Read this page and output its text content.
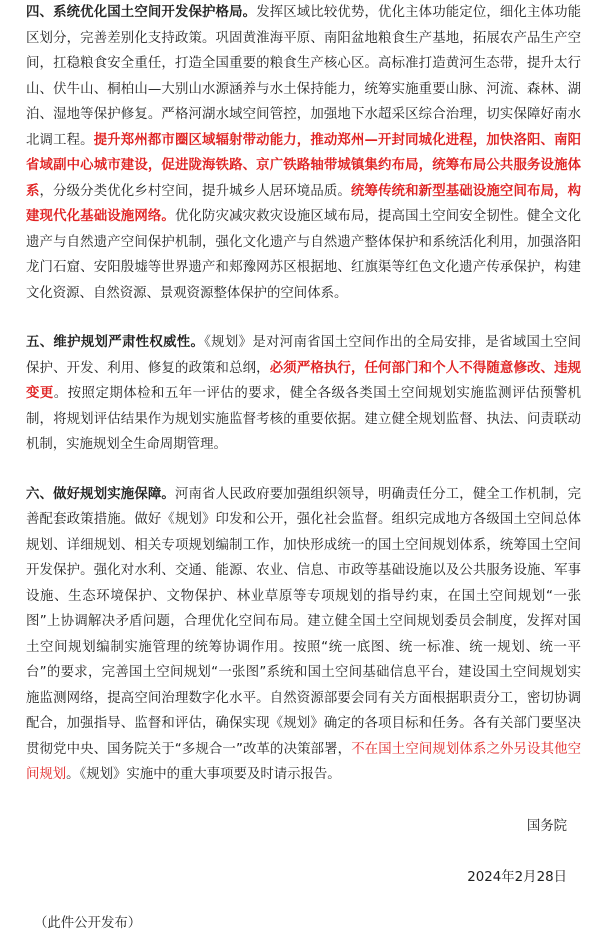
四、系统优化国土空间开发保护格局。发挥区域比较优势，优化主体功能定位，细化主体功能区划分，完善差别化支持政策。巩固黄淮海平原、南阳盆地粮食生产基地，拓展农产品生产空间，扛稳粮食安全重任，打造全国重要的粮食生产核心区。高标准打造黄河生态带，提升太行山、伏牛山、桐柏山—大别山水源涵养与水土保持能力，统筹实施重要山脉、河流、森林、湖泊、湿地等保护修复。严格河湖水域空间管控，加强地下水超采区综合治理，切实保障好南水北调工程。提升郑州都市圈区域辐射带动能力，推动郑州—开封同城化进程，加快洛阳、南阳省域副中心城市建设，促进陇海铁路、京广铁路轴带城镇集约布局，统筹布局公共服务设施体系，分级分类优化乡村空间，提升城乡人居环境品质。统筹传统和新型基础设施空间布局，构建现代化基础设施网络。优化防灾减灾救灾设施区域布局，提高国土空间安全韧性。健全文化遗产与自然遗产空间保护机制，强化文化遗产与自然遗产整体保护和系统活化利用，加强洛阳龙门石窟、安阳殷墟等世界遗产和郏豫网苏区根据地、红旗渠等红色文化遗产传承保护，构建文化资源、自然资源、景观资源整体保护的空间体系。

五、维护规划严肃性权威性。《规划》是对河南省国土空间作出的全局安排，是省域国土空间保护、开发、利用、修复的政策和总纲，必须严格执行，任何部门和个人不得随意修改、违规变更。按照定期体检和五年一评估的要求，健全各级各类国土空间规划实施监测评估预警机制，将规划评估结果作为规划实施监督考核的重要依据。建立健全规划监督、执法、问责联动机制，实施规划全生命周期管理。

六、做好规划实施保障。河南省人民政府要加强组织领导，明确责任分工，健全工作机制，完善配套政策措施。做好《规划》印发和公开，强化社会监督。组织完成地方各级国土空间总体规划、详细规划、相关专项规划编制工作，加快形成统一的国土空间规划体系，统筹国土空间开发保护。强化对水利、交通、能源、农业、信息、市政等基础设施以及公共服务设施、军事设施、生态环境保护、文物保护、林业草原等专项规划的指导约束，在国土空间规划“一张图”上协调解决矛盾问题，合理优化空间布局。建立健全国土空间规划委员会制度，发挥对国土空间规划编制实施管理的统筹协调作用。按照“统一底图、统一标准、统一规划、统一平台”的要求，完善国土空间规划“一张图”系统和国土空间基础信息平台，建设国土空间规划实施监测网络，提高空间治理数字化水平。自然资源部要会同有关方面根据职责分工，密切协调配合，加强指导、监督和评估，确保实现《规划》确定的各项目标和任务。各有关部门要坚决贯彻党中央、国务院关于“多规合一”改革的决策部署，不在国土空间规划体系之外另设其他空间规划。《规划》实施中的重大事项要及时请示报告。

国务院
2024年2月28日
（此件公开发布）
